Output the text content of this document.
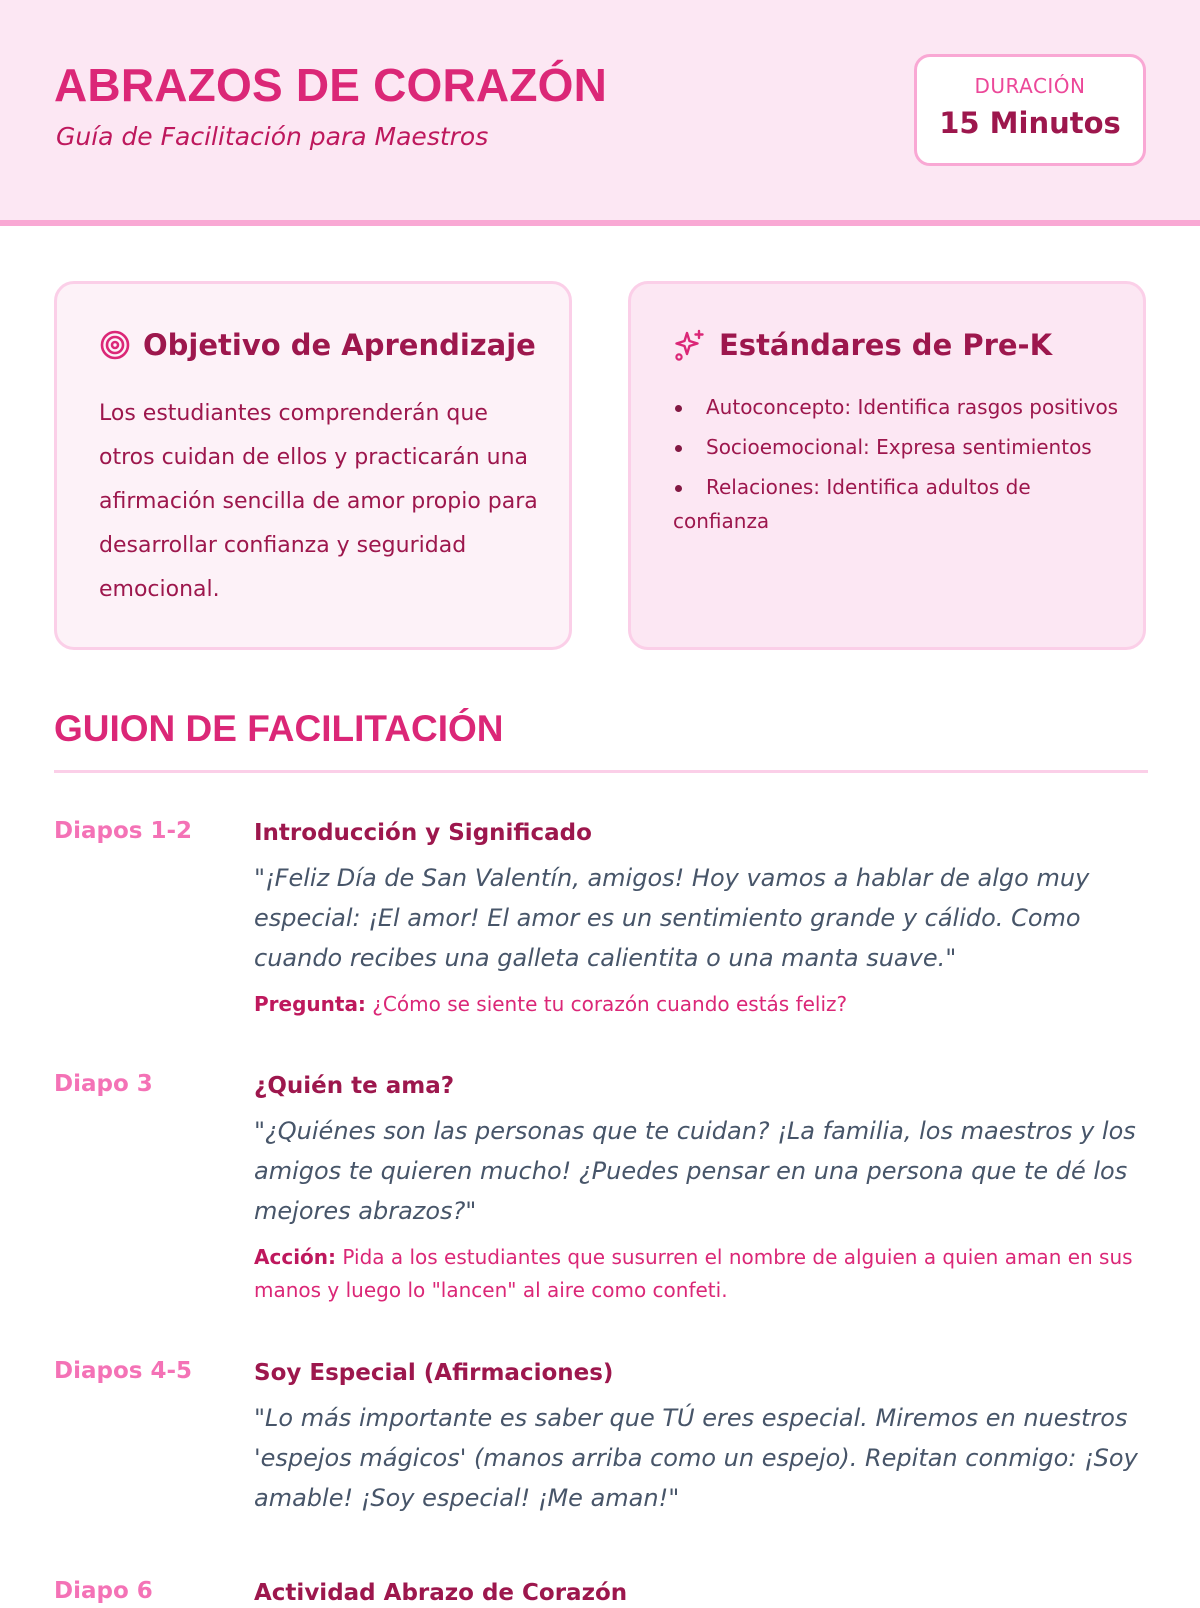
ABRAZOS DE CORAZÓN
Guía de Facilitación para Maestros
DURACIÓN
15 Minutos
Objetivo de Aprendizaje

Los estudiantes comprenderán que otros cuidan de ellos y practicarán una afirmación sencilla de amor propio para desarrollar confianza y seguridad emocional.

Estándares de Pre-K
Autoconcepto: Identifica rasgos positivos
Socioemocional: Expresa sentimientos
Relaciones: Identifica adultos de confianza
GUION DE FACILITACIÓN
Diapos 1-2	Introducción y Significado

"¡Feliz Día de San Valentín, amigos! Hoy vamos a hablar de algo muy especial: ¡El amor! El amor es un sentimiento grande y cálido. Como cuando recibes una galleta calientita o una manta suave."

Pregunta: ¿Cómo se siente tu corazón cuando estás feliz?

Diapo 3	¿Quién te ama?

"¿Quiénes son las personas que te cuidan? ¡La familia, los maestros y los amigos te quieren mucho! ¿Puedes pensar en una persona que te dé los mejores abrazos?"

Acción: Pida a los estudiantes que susurren el nombre de alguien a quien aman en sus manos y luego lo "lancen" al aire como confeti.

Diapos 4-5	Soy Especial (Afirmaciones)

"Lo más importante es saber que TÚ eres especial. Miremos en nuestros 'espejos mágicos' (manos arriba como un espejo). Repitan conmigo: ¡Soy amable! ¡Soy especial! ¡Me aman!"

Diapo 6	Actividad Abrazo de Corazón
